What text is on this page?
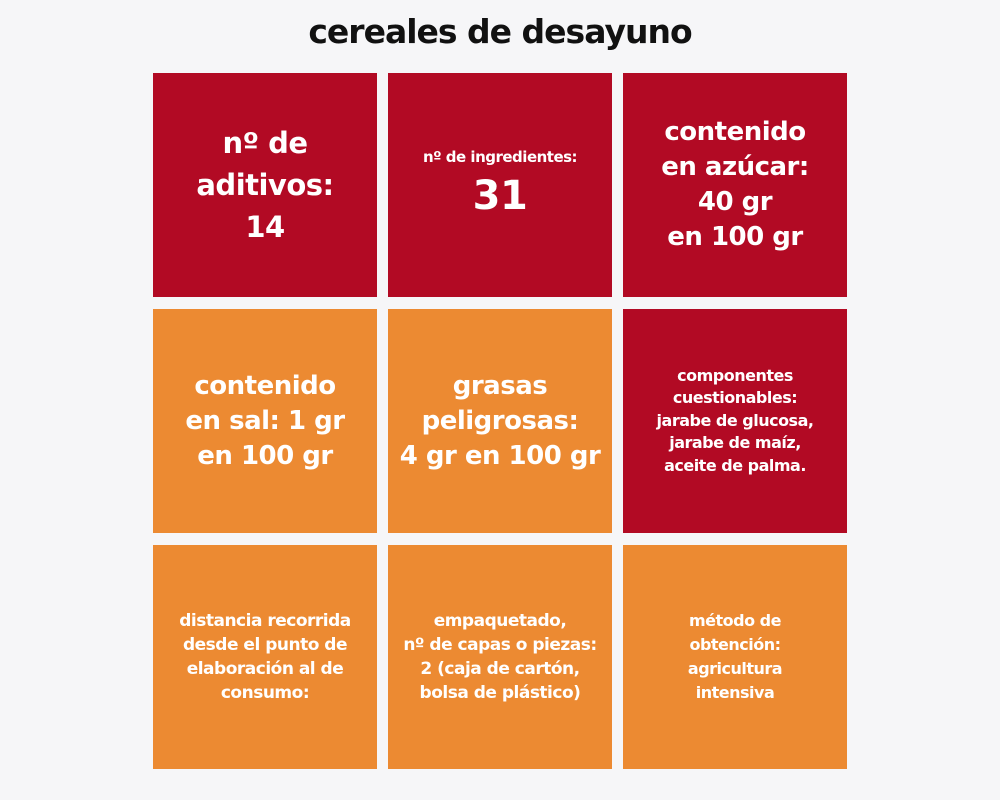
cereales de desayuno
nº de
aditivos:
14
nº de ingredientes:
31
contenido
en azúcar:
40 gr
en 100 gr
contenido
en sal: 1 gr
en 100 gr
grasas
peligrosas:
4 gr en 100 gr
componentes
cuestionables:
jarabe de glucosa,
jarabe de maíz,
aceite de palma.
distancia recorrida
desde el punto de
elaboración al de
consumo:
empaquetado,
nº de capas o piezas:
2 (caja de cartón,
bolsa de plástico)
método de
obtención:
agricultura
intensiva
